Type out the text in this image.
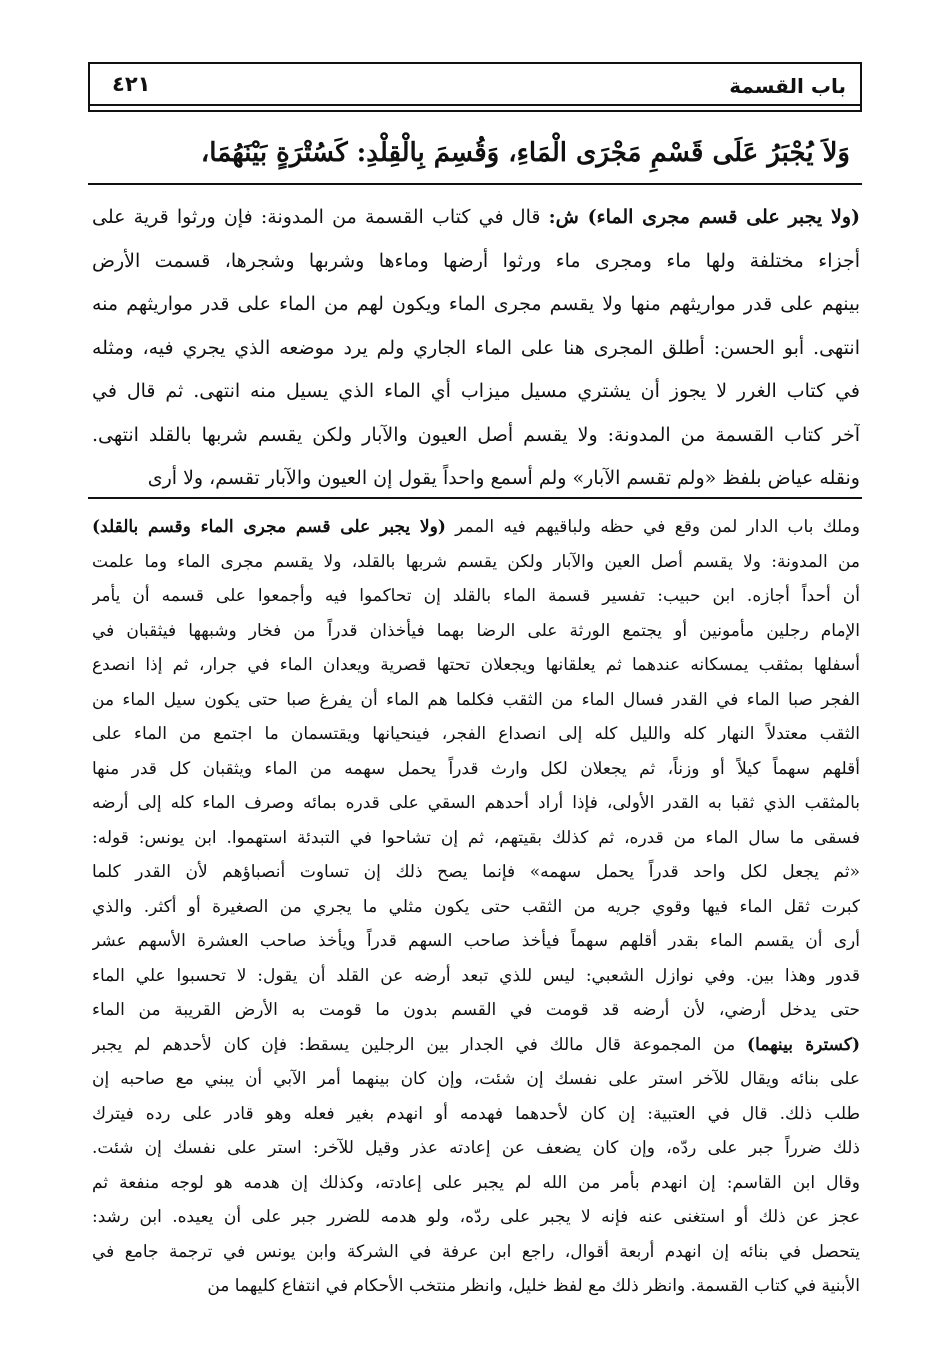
باب القسمة
٤٢١
وَلاَ يُجْبَرُ عَلَى قَسْمِ مَجْرَى الْمَاءِ، وَقُسِمَ بِالْقِلْدِ: كَسُتْرَةٍ بَيْنَهُمَا،
(ولا يجبر على قسم مجرى الماء) ش: قال في كتاب القسمة من المدونة: فإن ورثوا قرية على
أجزاء مختلفة ولها ماء ومجرى ماء ورثوا أرضها وماءها وشربها وشجرها، قسمت الأرض
بينهم على قدر مواريثهم منها ولا يقسم مجرى الماء ويكون لهم من الماء على قدر مواريثهم منه
انتهى. أبو الحسن: أطلق المجرى هنا على الماء الجاري ولم يرد موضعه الذي يجري فيه، ومثله
في كتاب الغرر لا يجوز أن يشتري مسيل ميزاب أي الماء الذي يسيل منه انتهى. ثم قال في
آخر كتاب القسمة من المدونة: ولا يقسم أصل العيون والآبار ولكن يقسم شربها بالقلد انتهى.
ونقله عياض بلفظ «ولم تقسم الآبار» ولم أسمع واحداً يقول إن العيون والآبار تقسم، ولا أرى
وملك باب الدار لمن وقع في حظه ولباقيهم فيه الممر (ولا يجبر على قسم مجرى الماء وقسم بالقلد)
من المدونة: ولا يقسم أصل العين والآبار ولكن يقسم شربها بالقلد، ولا يقسم مجرى الماء وما علمت
أن أحداً أجازه. ابن حبيب: تفسير قسمة الماء بالقلد إن تحاكموا فيه وأجمعوا على قسمه أن يأمر
الإمام رجلين مأمونين أو يجتمع الورثة على الرضا بهما فيأخذان قدراً من فخار وشبهها فيثقبان في
أسفلها بمثقب يمسكانه عندهما ثم يعلقانها ويجعلان تحتها قصرية ويعدان الماء في جرار، ثم إذا انصدع
الفجر صبا الماء في القدر فسال الماء من الثقب فكلما هم الماء أن يفرغ صبا حتى يكون سيل الماء من
الثقب معتدلاً النهار كله والليل كله إلى انصداع الفجر، فينحيانها ويقتسمان ما اجتمع من الماء على
أقلهم سهماً كيلاً أو وزناً، ثم يجعلان لكل وارث قدراً يحمل سهمه من الماء ويثقبان كل قدر منها
بالمثقب الذي ثقبا به القدر الأولى، فإذا أراد أحدهم السقي على قدره بمائه وصرف الماء كله إلى أرضه
فسقى ما سال الماء من قدره، ثم كذلك بقيتهم، ثم إن تشاحوا في التبدئة استهموا. ابن يونس: قوله:
«ثم يجعل لكل واحد قدراً يحمل سهمه» فإنما يصح ذلك إن تساوت أنصباؤهم لأن القدر كلما
كبرت ثقل الماء فيها وقوي جريه من الثقب حتى يكون مثلي ما يجري من الصغيرة أو أكثر. والذي
أرى أن يقسم الماء بقدر أقلهم سهماً فيأخذ صاحب السهم قدراً ويأخذ صاحب العشرة الأسهم عشر
قدور وهذا بين. وفي نوازل الشعبي: ليس للذي تبعد أرضه عن القلد أن يقول: لا تحسبوا علي الماء
حتى يدخل أرضي، لأن أرضه قد قومت في القسم بدون ما قومت به الأرض القريبة من الماء
(كسترة بينهما) من المجموعة قال مالك في الجدار بين الرجلين يسقط: فإن كان لأحدهم لم يجبر
على بنائه ويقال للآخر استر على نفسك إن شئت، وإن كان بينهما أمر الآبي أن يبني مع صاحبه إن
طلب ذلك. قال في العتبية: إن كان لأحدهما فهدمه أو انهدم بغير فعله وهو قادر على رده فيترك
ذلك ضرراً جبر على ردّه، وإن كان يضعف عن إعادته عذر وقيل للآخر: استر على نفسك إن شئت.
وقال ابن القاسم: إن انهدم بأمر من الله لم يجبر على إعادته، وكذلك إن هدمه هو لوجه منفعة ثم
عجز عن ذلك أو استغنى عنه فإنه لا يجبر على ردّه، ولو هدمه للضرر جبر على أن يعيده. ابن رشد:
يتحصل في بنائه إن انهدم أربعة أقوال، راجع ابن عرفة في الشركة وابن يونس في ترجمة جامع في
الأبنية في كتاب القسمة. وانظر ذلك مع لفظ خليل، وانظر منتخب الأحكام في انتفاع كليهما من
